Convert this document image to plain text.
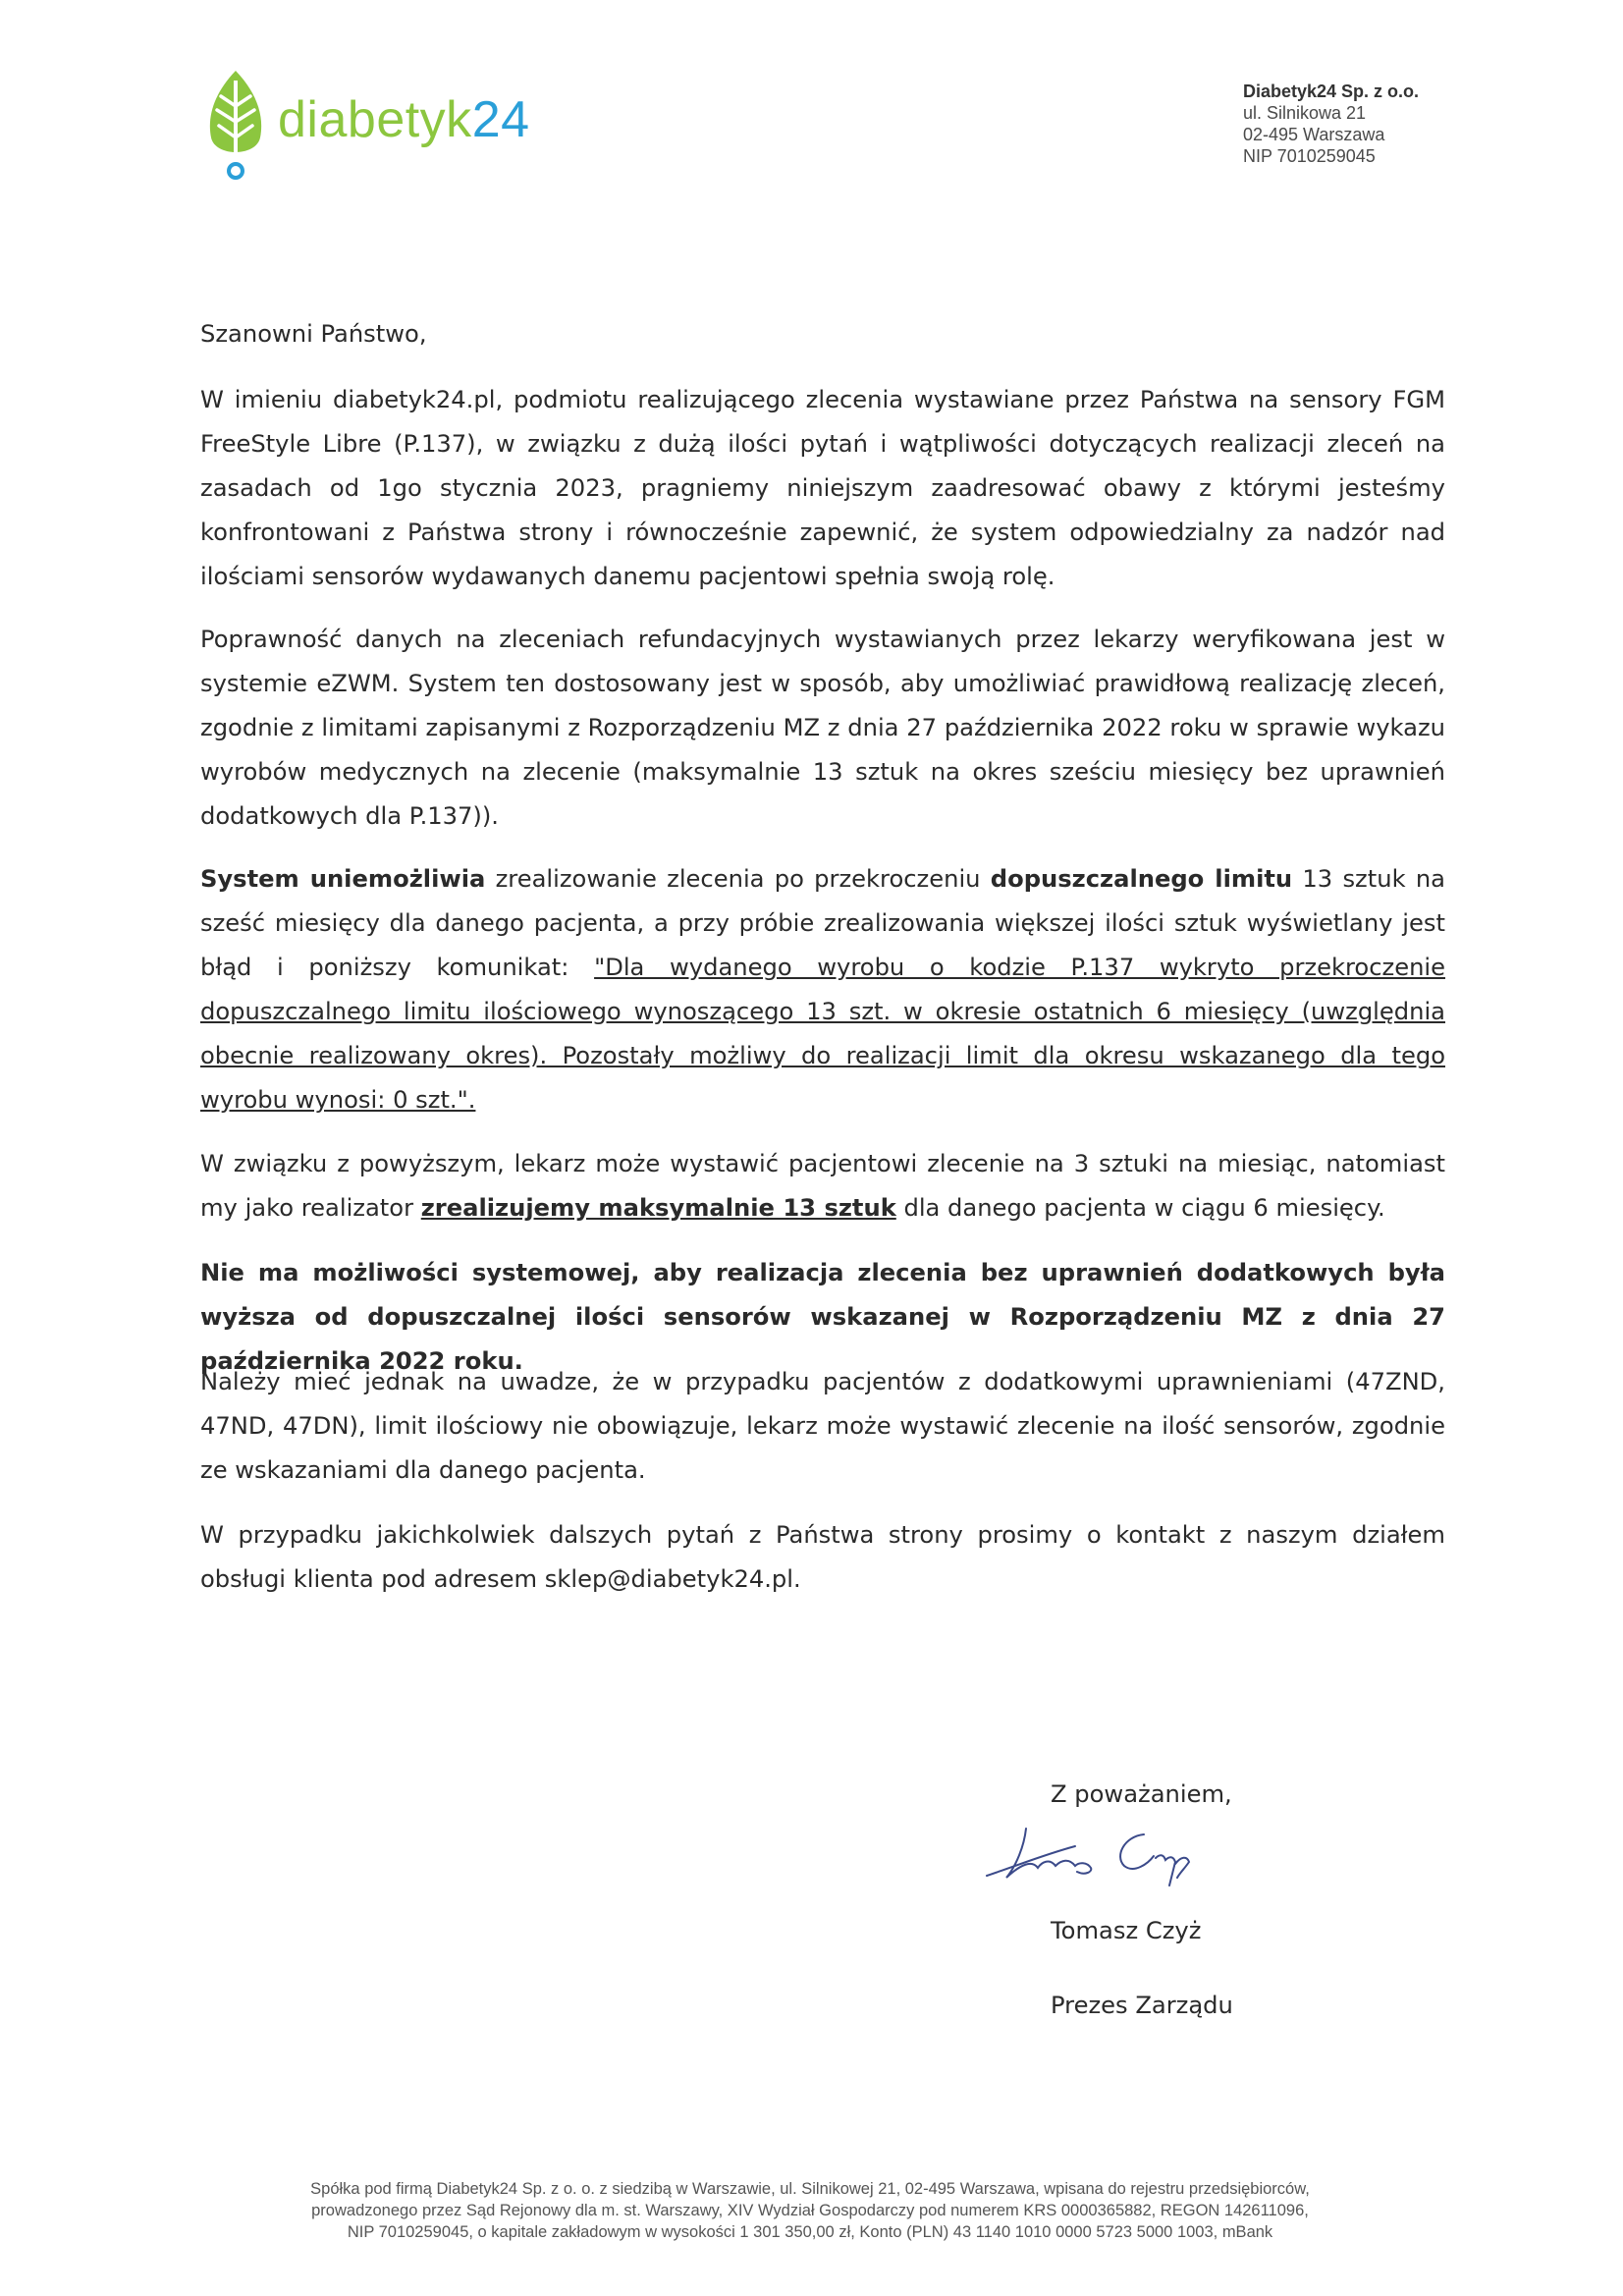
diabetyk24	Diabetyk24 Sp. z o.o.
ul. Silnikowa 21
02-495 Warszawa
NIP 7010259045
Szanowni Państwo,
W imieniu diabetyk24.pl, podmiotu realizującego zlecenia wystawiane przez Państwa na sensory FGM FreeStyle Libre (P.137), w związku z dużą ilości pytań i wątpliwości dotyczących realizacji zleceń na zasadach od 1go stycznia 2023, pragniemy niniejszym zaadresować obawy z którymi jesteśmy konfrontowani z Państwa strony i równocześnie zapewnić, że system odpowiedzialny za nadzór nad ilościami sensorów wydawanych danemu pacjentowi spełnia swoją rolę.
Poprawność danych na zleceniach refundacyjnych wystawianych przez lekarzy weryfikowana jest w systemie eZWM. System ten dostosowany jest w sposób, aby umożliwiać prawidłową realizację zleceń, zgodnie z limitami zapisanymi z Rozporządzeniu MZ z dnia 27 października 2022 roku w sprawie wykazu wyrobów medycznych na zlecenie (maksymalnie 13 sztuk na okres sześciu miesięcy bez uprawnień dodatkowych dla P.137)).
System uniemożliwia zrealizowanie zlecenia po przekroczeniu dopuszczalnego limitu 13 sztuk na sześć miesięcy dla danego pacjenta, a przy próbie zrealizowania większej ilości sztuk wyświetlany jest błąd i poniższy komunikat: "Dla wydanego wyrobu o kodzie P.137 wykryto przekroczenie dopuszczalnego limitu ilościowego wynoszącego 13 szt. w okresie ostatnich 6 miesięcy (uwzględnia obecnie realizowany okres). Pozostały możliwy do realizacji limit dla okresu wskazanego dla tego wyrobu wynosi: 0 szt.".
W związku z powyższym, lekarz może wystawić pacjentowi zlecenie na 3 sztuki na miesiąc, natomiast my jako realizator zrealizujemy maksymalnie 13 sztuk dla danego pacjenta w ciągu 6 miesięcy.
Nie ma możliwości systemowej, aby realizacja zlecenia bez uprawnień dodatkowych była wyższa od dopuszczalnej ilości sensorów wskazanej w Rozporządzeniu MZ z dnia 27 października 2022 roku.
Należy mieć jednak na uwadze, że w przypadku pacjentów z dodatkowymi uprawnieniami (47ZND, 47ND, 47DN), limit ilościowy nie obowiązuje, lekarz może wystawić zlecenie na ilość sensorów, zgodnie ze wskazaniami dla danego pacjenta.
W przypadku jakichkolwiek dalszych pytań z Państwa strony prosimy o kontakt z naszym działem obsługi klienta pod adresem sklep@diabetyk24.pl.
Z poważaniem,
Tomasz Czyż
Prezes Zarządu
Spółka pod firmą Diabetyk24 Sp. z o. o. z siedzibą w Warszawie, ul. Silnikowej 21, 02-495 Warszawa, wpisana do rejestru przedsiębiorców,
prowadzonego przez Sąd Rejonowy dla m. st. Warszawy, XIV Wydział Gospodarczy pod numerem KRS 0000365882, REGON 142611096,
NIP 7010259045, o kapitale zakładowym w wysokości 1 301 350,00 zł, Konto (PLN) 43 1140 1010 0000 5723 5000 1003, mBank
